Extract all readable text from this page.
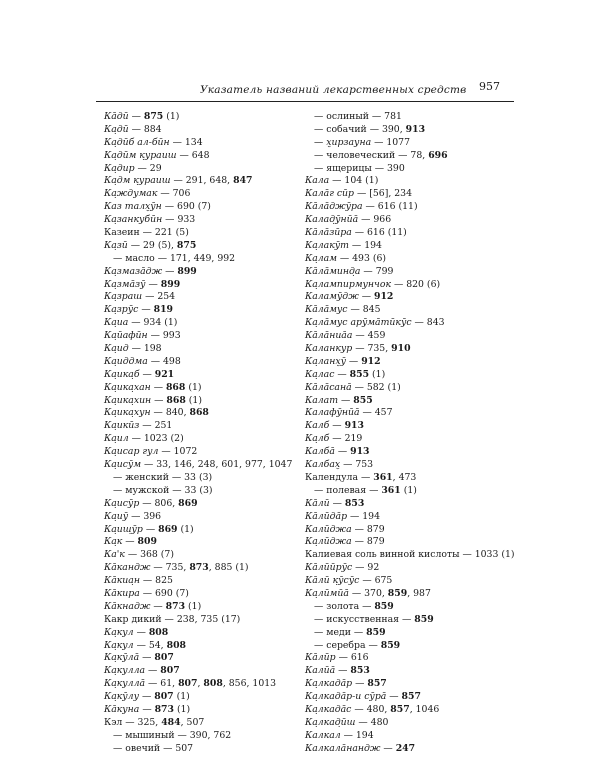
Указатель названий лекарственных средств 957
Ка̄дӣ — 875 (1)
Ка̣дӣ — 884
Ка̣дӣб ал-бӣн — 134
Ка̣дӣм к̣ураиш — 648
Ка̣дир — 29
Ка̣дм к̣ураиш — 291, 648, 847
Ка̣ждумак — 706
Каз талх̮ӯн — 690 (7)
Ка̣занкубӣн — 933
Казеин — 221 (5)
Ка̣зӣ — 29 (5), 875
— масло — 171, 449, 992
Ка̣змаза̄дж — 899
Ка̣зма̄зӯ — 899
Ка̣зраш — 254
Ка̣зрӯс — 819
Ка̣иа — 934 (1)
Ка̣ӣафӣн — 993
Ка̣ид — 198
Ка̣иддма — 498
Ка̣ика̣б — 921
Ка̣ика̣хан — 868 (1)
Ка̣ика̣хин — 868 (1)
Ка̣ика̣хун — 840, 868
Ка̣икӣз — 251
Ка̣ил — 1023 (2)
Ка̣исар гул — 1072
Ка̣исӯм — 33, 146, 248, 601, 977, 1047
— женский — 33 (3)
— мужской — 33 (3)
Ка̣исӯр — 806, 869
Ка̣иӯ — 396
Ка̣иш̣ӯр — 869 (1)
Ка̣к — 809
Ка'к — 368 (7)
Ка̄кандж — 735, 873, 885 (1)
Ка̄киа̣н — 825
Ка̄кира — 690 (7)
Ка̄кнадж — 873 (1)
Какр дикий — 238, 735 (17)
Ка̣кул — 808
Ка̣кул — 54, 808
Ка̣кӯла̄ — 807
Ка̣кулла — 807
Ка̣кулла̄ — 61, 807, 808, 856, 1013
Ка̣кӯлу — 807 (1)
Ка̄куна — 873 (1)
Кэл — 325, 484, 507
— мышиный — 390, 762
— овечий — 507
— ослиный — 781
— собачий — 390, 913
— х̮ирзауна — 1077
— человеческий — 78, 696
— ящерицы — 390
Кала — 104 (1)
Кала̄г сӣр — [56], 234
Ка̄ла̄джӯра — 616 (11)
Калад̣ӯнӣа̄ — 966
Ка̄ла̄зӣра — 616 (11)
Ка̣лакӯт — 194
Ка̣лам — 493 (6)
Ка̄ла̄минд̣а — 799
Ка̣лампирмунчок — 820 (6)
Каламӯдж — 912
Ка̄ла̄мус — 845
Ка̣ла̄мус арӯма̄тӣкӯс — 843
Ка̄ла̄ниа̄а — 459
Каланкур — 735, 910
Ка̣ланх̮ӯ — 912
Ка̣лас — 855 (1)
Ка̄ла̄сана̄ — 582 (1)
Калат — 855
Калафӯнӣа̄ — 457
Калб — 913
Ка̣лб — 219
Калба̄ — 913
Калбах̮ — 753
Календула — 361, 473
— полевая — 361 (1)
Ка̄лӣ — 853
Ка̄лӣда̄р — 194
Калӣджа — 879
Ка̣лӣджа — 879
Калиевая соль винной кислоты — 1033 (1)
Ка̄лӣӣрӯс — 92
Ка̄лӣ к̣ӯсӯс — 675
Ка̣лӣмӣа̄ — 370, 859, 987
— золота — 859
— искусственная — 859
— меди — 859
— серебра — 859
Ка̄лӣр — 616
Калӣа̄ — 853
Ка̣лкада̄р — 857
Ка̣лкада̄р-и сӯра̄ — 857
Ка̣лкада̄с — 480, 857, 1046
Ка̣лкад̣ӣш — 480
Калкал — 194
Калкала̄нандж — 247
